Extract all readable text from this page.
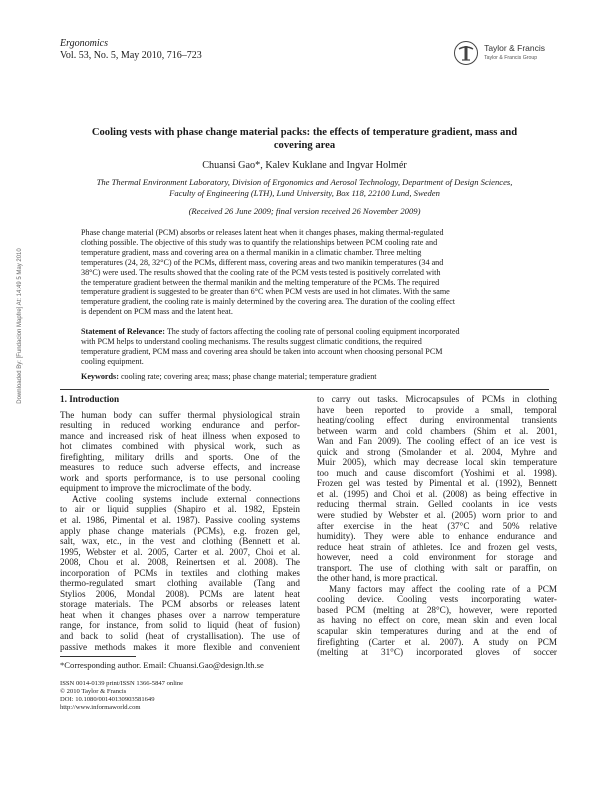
Downloaded By: [Fundacion Mapfre] At: 14:49 5 May 2010
Ergonomics
Vol. 53, No. 5, May 2010, 716–723
Taylor & Francis
Taylor & Francis Group
Cooling vests with phase change material packs: the effects of temperature gradient, mass and
covering area
Chuansi Gao*, Kalev Kuklane and Ingvar Holmér
The Thermal Environment Laboratory, Division of Ergonomics and Aerosol Technology, Department of Design Sciences,
Faculty of Engineering (LTH), Lund University, Box 118, 22100 Lund, Sweden
(Received 26 June 2009; final version received 26 November 2009)
Phase change material (PCM) absorbs or releases latent heat when it changes phases, making thermal-regulated
clothing possible. The objective of this study was to quantify the relationships between PCM cooling rate and
temperature gradient, mass and covering area on a thermal manikin in a climatic chamber. Three melting
temperatures (24, 28, 32°C) of the PCMs, different mass, covering areas and two manikin temperatures (34 and
38°C) were used. The results showed that the cooling rate of the PCM vests tested is positively correlated with
the temperature gradient between the thermal manikin and the melting temperature of the PCMs. The required
temperature gradient is suggested to be greater than 6°C when PCM vests are used in hot climates. With the same
temperature gradient, the cooling rate is mainly determined by the covering area. The duration of the cooling effect
is dependent on PCM mass and the latent heat.
Statement of Relevance: The study of factors affecting the cooling rate of personal cooling equipment incorporated
with PCM helps to understand cooling mechanisms. The results suggest climatic conditions, the required
temperature gradient, PCM mass and covering area should be taken into account when choosing personal PCM
cooling equipment.
Keywords: cooling rate; covering area; mass; phase change material; temperature gradient

1. Introduction

The human body can suffer thermal physiological strain
resulting in reduced working endurance and perfor-
mance and increased risk of heat illness when exposed to
hot climates combined with physical work, such as
firefighting, military drills and sports. One of the
measures to reduce such adverse effects, and increase
work and sports performance, is to use personal cooling
equipment to improve the microclimate of the body.
Active cooling systems include external connections
to air or liquid supplies (Shapiro et al. 1982, Epstein
et al. 1986, Pimental et al. 1987). Passive cooling systems
apply phase change materials (PCMs), e.g. frozen gel,
salt, wax, etc., in the vest and clothing (Bennett et al.
1995, Webster et al. 2005, Carter et al. 2007, Choi et al.
2008, Chou et al. 2008, Reinertsen et al. 2008). The
incorporation of PCMs in textiles and clothing makes
thermo-regulated smart clothing available (Tang and
Stylios 2006, Mondal 2008). PCMs are latent heat
storage materials. The PCM absorbs or releases latent
heat when it changes phases over a narrow temperature
range, for instance, from solid to liquid (heat of fusion)
and back to solid (heat of crystallisation). The use of
passive methods makes it more flexible and convenient
to carry out tasks. Microcapsules of PCMs in clothing
have been reported to provide a small, temporal
heating/cooling effect during environmental transients
between warm and cold chambers (Shim et al. 2001,
Wan and Fan 2009). The cooling effect of an ice vest is
quick and strong (Smolander et al. 2004, Myhre and
Muir 2005), which may decrease local skin temperature
too much and cause discomfort (Yoshimi et al. 1998).
Frozen gel was tested by Pimental et al. (1992), Bennett
et al. (1995) and Choi et al. (2008) as being effective in
reducing thermal strain. Gelled coolants in ice vests
were studied by Webster et al. (2005) worn prior to and
after exercise in the heat (37°C and 50% relative
humidity). They were able to enhance endurance and
reduce heat strain of athletes. Ice and frozen gel vests,
however, need a cold environment for storage and
transport. The use of clothing with salt or paraffin, on
the other hand, is more practical.
Many factors may affect the cooling rate of a PCM
cooling device. Cooling vests incorporating water-
based PCM (melting at 28°C), however, were reported
as having no effect on core, mean skin and even local
scapular skin temperatures during and at the end of
firefighting (Carter et al. 2007). A study on PCM
(melting at 31°C) incorporated gloves of soccer
*Corresponding author. Email: Chuansi.Gao@design.lth.se
ISSN 0014-0139 print/ISSN 1366-5847 online
© 2010 Taylor & Francis
DOI: 10.1080/00140130903581649
http://www.informaworld.com
